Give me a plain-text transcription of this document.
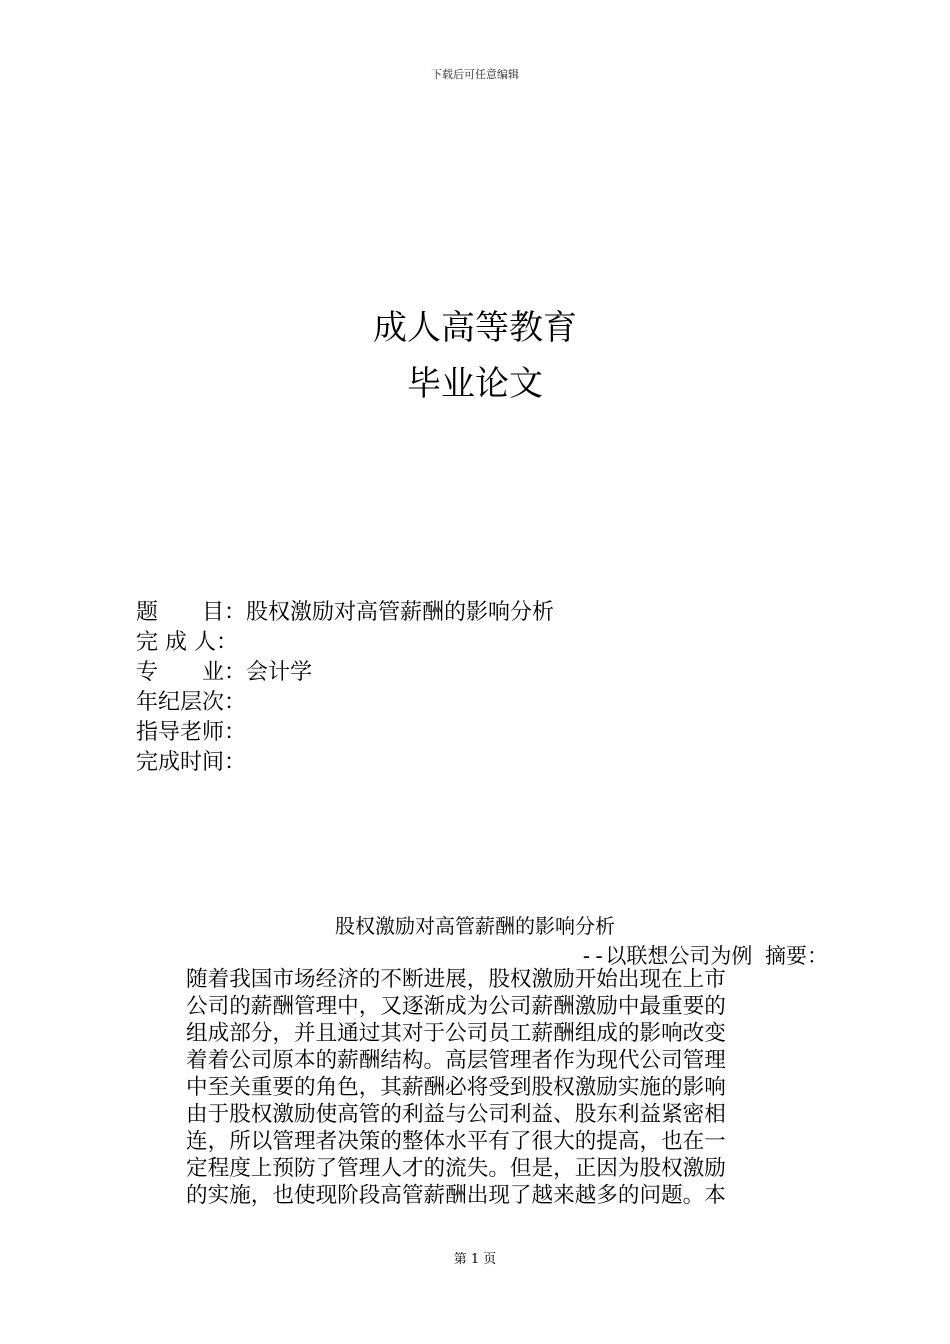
下载后可任意编辑
成人高等教育
毕业论文
题　　目：股权激励对高管薪酬的影响分析
完 成 人：
专　　业：会计学
年纪层次：
指导老师：
完成时间：
股权激励对高管薪酬的影响分析
--以联想公司为例 摘要：
随着我国市场经济的不断进展，股权激励开始出现在上市
公司的薪酬管理中，又逐渐成为公司薪酬激励中最重要的
组成部分，并且通过其对于公司员工薪酬组成的影响改变
着着公司原本的薪酬结构。高层管理者作为现代公司管理
中至关重要的角色，其薪酬必将受到股权激励实施的影响
由于股权激励使高管的利益与公司利益、股东利益紧密相
连，所以管理者决策的整体水平有了很大的提高，也在一
定程度上预防了管理人才的流失。但是，正因为股权激励
的实施，也使现阶段高管薪酬出现了越来越多的问题。本
第 1 页
